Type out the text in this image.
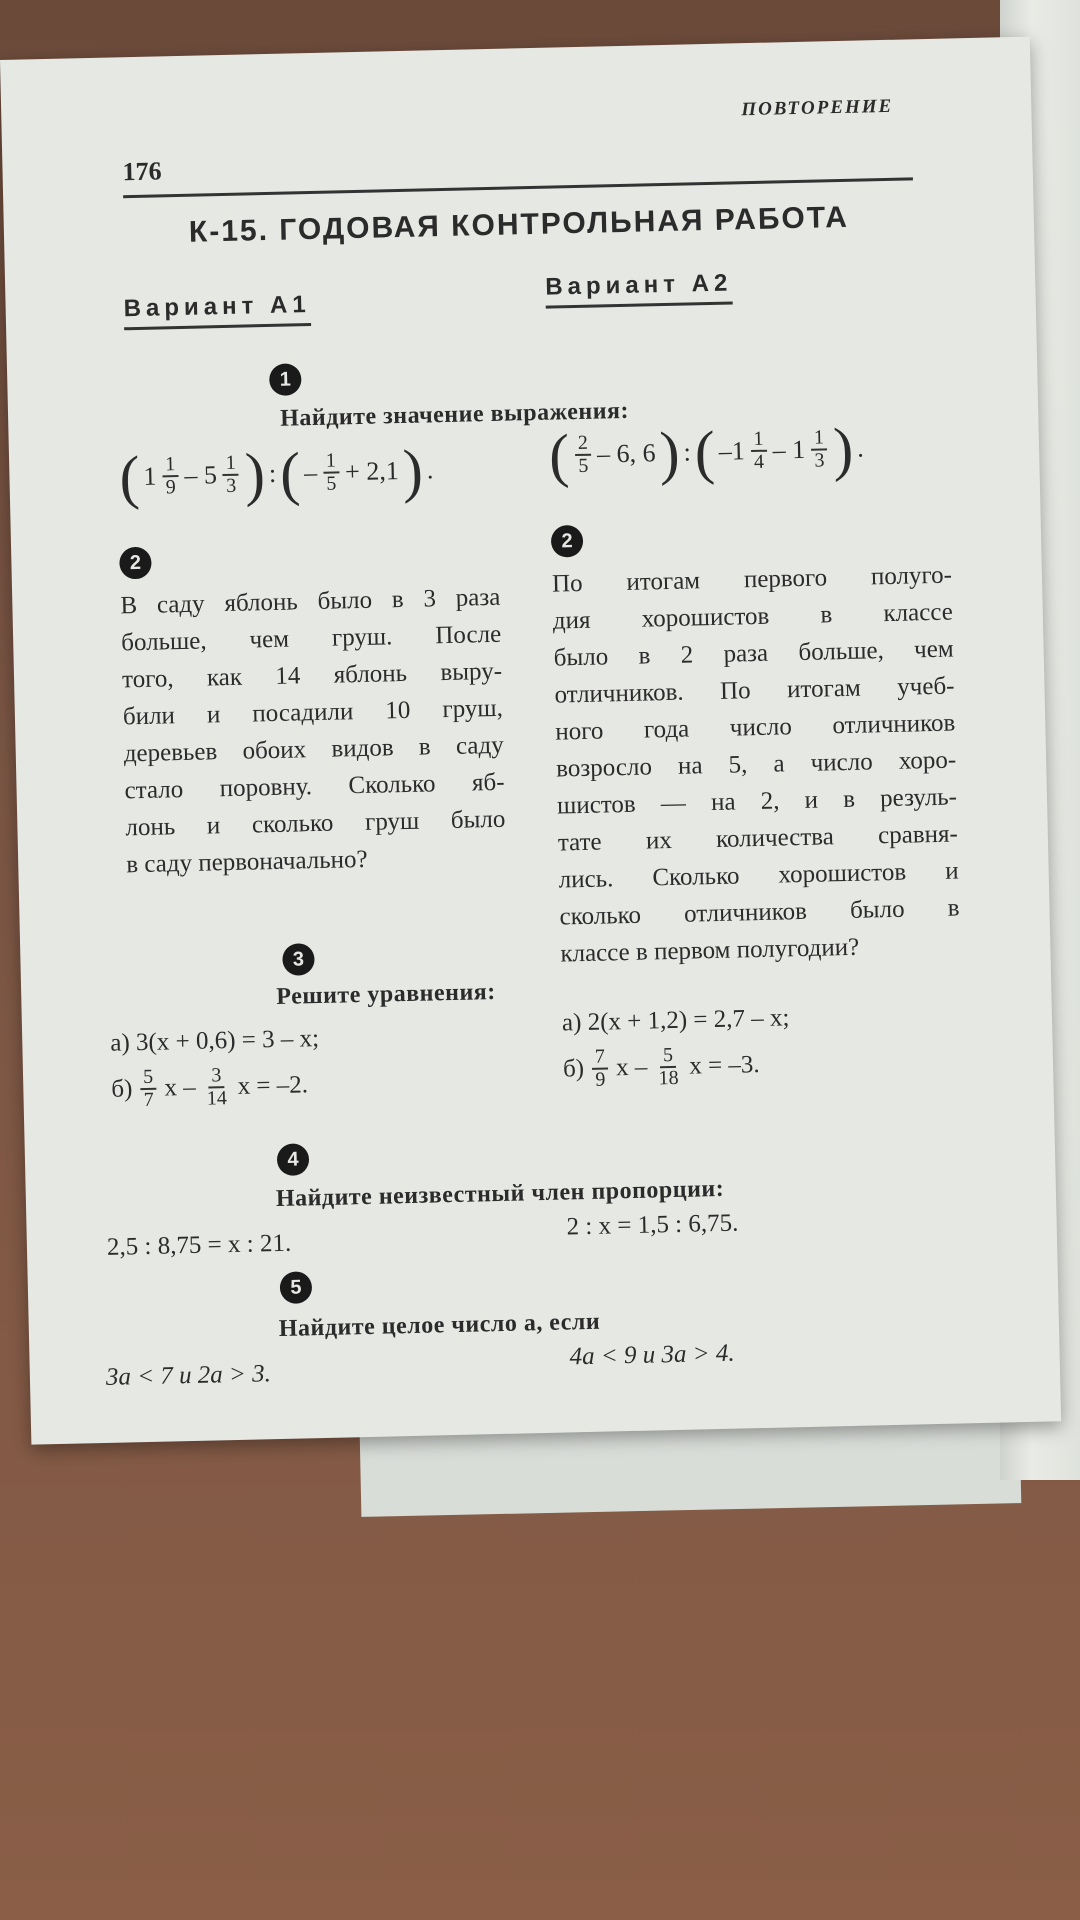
176
ПОВТОРЕНИЕ
К-15. ГОДОВАЯ КОНТРОЛЬНАЯ РАБОТА
Вариант А1
Вариант А2
1
Найдите значение выражения:
( $1 \frac{1}{9} - 5 \frac{1}{3}$ ) : ( – $\frac{1}{5} + 2,1$ ) . ( $\frac{2}{5} - 6$, 6 ) : ( $-1 \frac{1}{4} - 1 \frac{1}{3}$ ) .
2
2
В саду яблонь было в 3 раза
больше, чем груш. После
того, как 14 яблонь выру-
били и посадили 10 груш,
деревьев обоих видов в саду
стало поровну. Сколько яб-
лонь и сколько груш было
в саду первоначально?
По итогам первого полуго-
дия хорошистов в классе
было в 2 раза больше, чем
отличников. По итогам учеб-
ного года число отличников
возросло на 5, а число хоро-
шистов — на 2, и в резуль-
тате их количества сравня-
лись. Сколько хорошистов и
сколько отличников было в
классе в первом полугодии?
3
Решите уравнения:
а) 3(x + 0,6) = 3 – x;
$б) \frac{5}{7}$ x – $\frac{3}{14}$ x = –2.
а) 2(x + 1,2) = 2,7 – x;
$б) \frac{7}{9}$ x – $\frac{5}{18}$ x = –3.
4
Найдите неизвестный член пропорции:
2,5 : 8,75 = x : 21.
2 : x = 1,5 : 6,75.
5
Найдите целое число a, если
3a < 7 и 2a > 3.
4a < 9 и 3a > 4.
